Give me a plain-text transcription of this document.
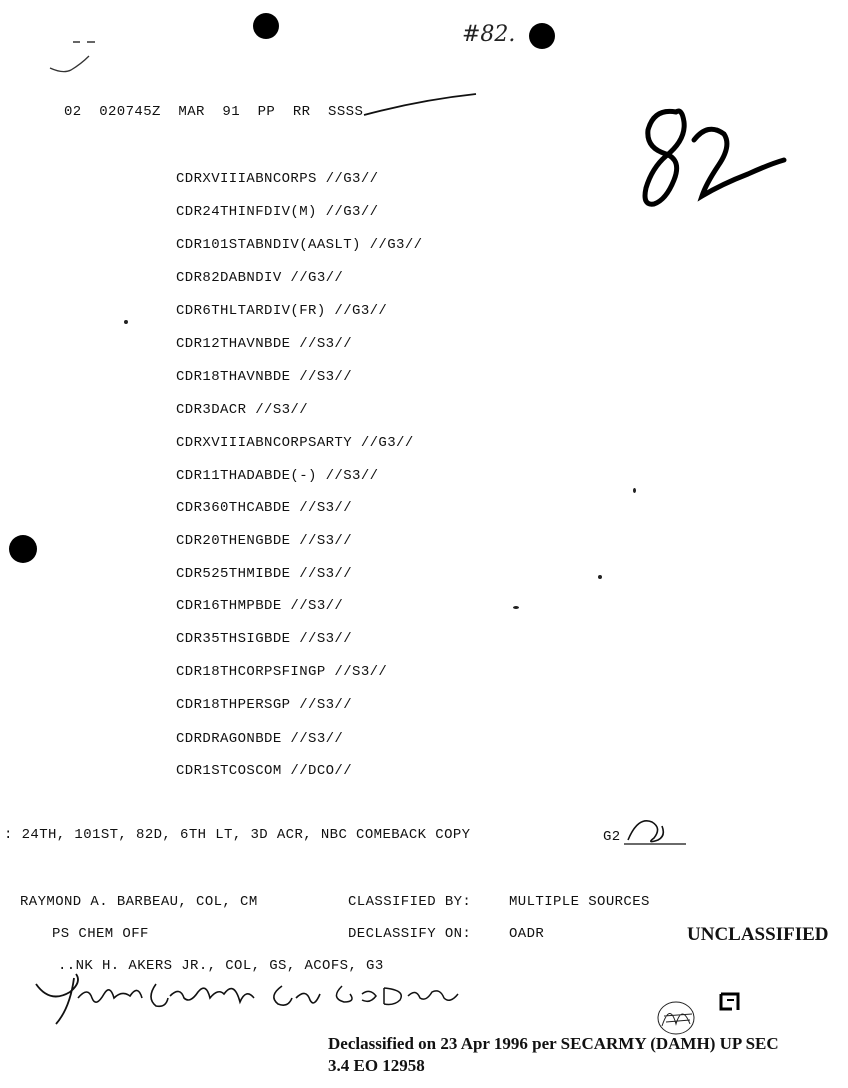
#82.
02  020745Z  MAR  91  PP  RR  SSSS
CDRXVIIIABNCORPS //G3//
CDR24THINFDIV(M) //G3//
CDR101STABNDIV(AASLT) //G3//
CDR82DABNDIV //G3//
CDR6THLTARDIV(FR) //G3//
CDR12THAVNBDE //S3//
CDR18THAVNBDE //S3//
CDR3DACR //S3//
CDRXVIIIABNCORPSARTY //G3//
CDR11THADABDE(-) //S3//
CDR360THCABDE //S3//
CDR20THENGBDE //S3//
CDR525THMIBDE //S3//
CDR16THMPBDE //S3//
CDR35THSIGBDE //S3//
CDR18THCORPSFINGP //S3//
CDR18THPERSGP //S3//
CDRDRAGONBDE //S3//
CDR1STCOSCOM //DCO//
: 24TH, 101ST, 82D, 6TH LT, 3D ACR, NBC COMEBACK COPY	G2
RAYMOND A. BARBEAU, COL, CM
PS CHEM OFF
..NK H. AKERS JR., COL, GS, ACOFS, G3
CLASSIFIED BY:	MULTIPLE SOURCES
DECLASSIFY ON:	OADR	UNCLASSIFIED
Declassified on 23 Apr 1996 per SECARMY (DAMH) UP SEC
3.4 EO 12958
